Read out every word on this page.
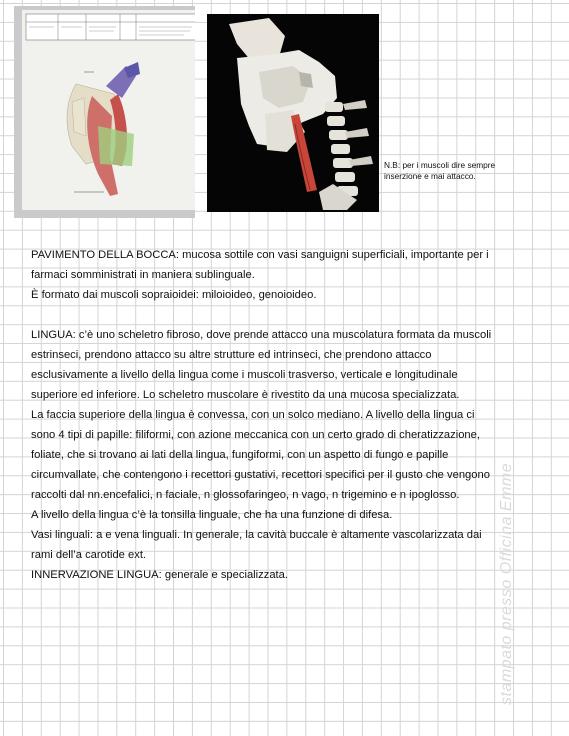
N.B: per i muscoli dire sempre

inserzione e mai attacco.

PAVIMENTO DELLA BOCCA: mucosa sottile con vasi sanguigni superficiali, importante per i

farmaci somministrati in maniera sublinguale.

È formato dai muscoli sopraioidei: miloioideo, genoioideo.

LINGUA: c’è uno scheletro fibroso, dove prende attacco una muscolatura formata da muscoli

estrinseci, prendono attacco su altre strutture ed intrinseci, che prendono attacco

esclusivamente a livello della lingua come i muscoli trasverso, verticale e longitudinale

superiore ed inferiore. Lo scheletro muscolare è rivestito da una mucosa specializzata.

La faccia superiore della lingua è convessa, con un solco mediano. A livello della lingua ci

sono 4 tipi di papille: filiformi, con azione meccanica con un certo grado di cheratizzazione,

foliate, che si trovano ai lati della lingua, fungiformi, con un aspetto di fungo e papille

circumvallate, che contengono i recettori gustativi, recettori specifici per il gusto che vengono

raccolti dal nn.encefalici, n faciale, n glossofaringeo, n vago, n trigemino e n ipoglosso.

A livello della lingua c’è la tonsilla linguale, che ha una funzione di difesa.

Vasi linguali: a e vena linguali. In generale, la cavità buccale è altamente vascolarizzata dai

rami dell’a carotide ext.

INNERVAZIONE LINGUA: generale e specializzata.	stampato presso Officina Emme
